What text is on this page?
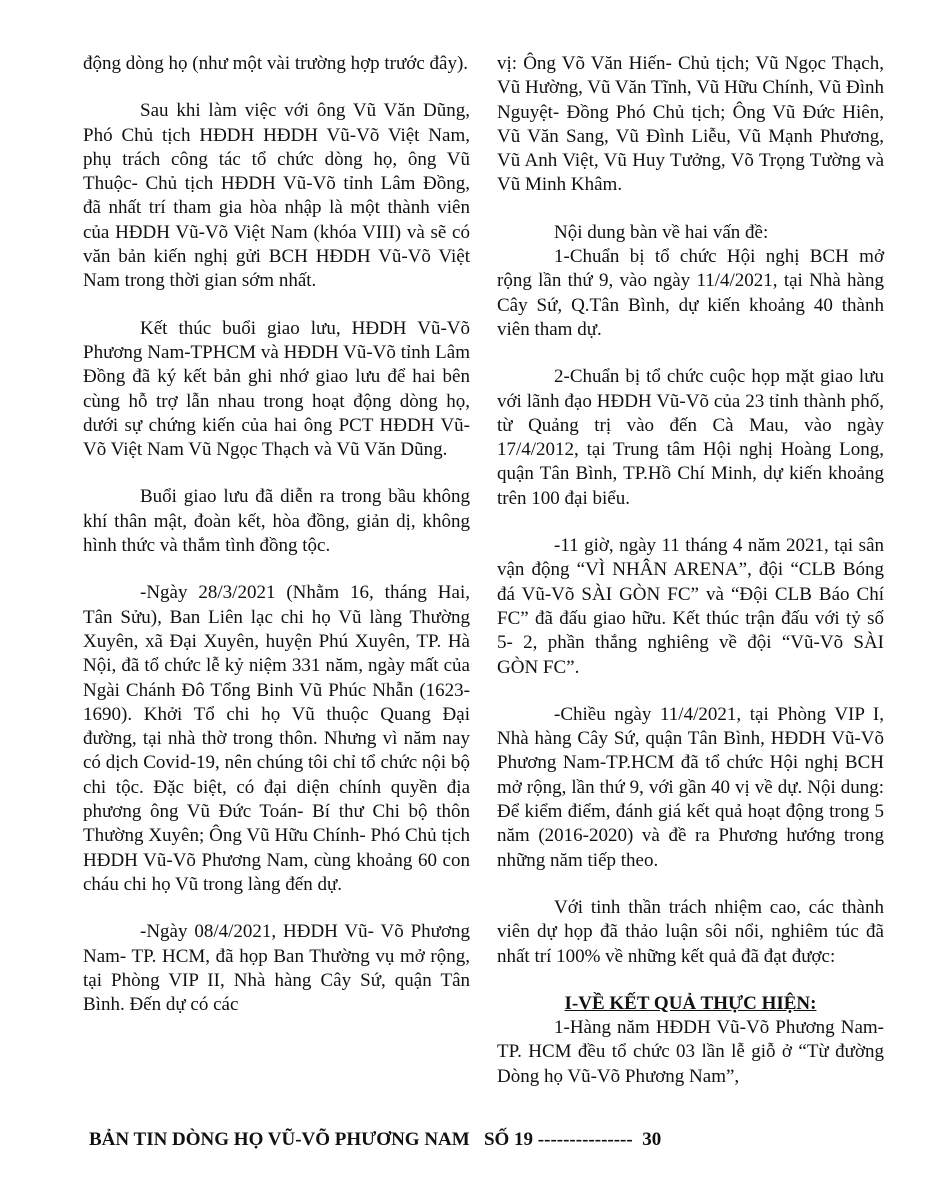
động dòng họ (như một vài trường hợp trước đây).

Sau khi làm việc với ông Vũ Văn Dũng, Phó Chủ tịch HĐDH HĐDH Vũ-Võ Việt Nam, phụ trách công tác tổ chức dòng họ, ông Vũ Thuộc- Chủ tịch HĐDH Vũ-Võ tỉnh Lâm Đồng, đã nhất trí tham gia hòa nhập là một thành viên của HĐDH Vũ-Võ Việt Nam (khóa VIII) và sẽ có văn bản kiến nghị gửi BCH HĐDH Vũ-Võ Việt Nam trong thời gian sớm nhất.

Kết thúc buổi giao lưu, HĐDH Vũ-Võ Phương Nam-TPHCM và HĐDH Vũ-Võ tỉnh Lâm Đồng đã ký kết bản ghi nhớ giao lưu để hai bên cùng hỗ trợ lẫn nhau trong hoạt động dòng họ, dưới sự chứng kiến của hai ông PCT HĐDH Vũ-Võ Việt Nam Vũ Ngọc Thạch và Vũ Văn Dũng.

Buổi giao lưu đã diễn ra trong bầu không khí thân mật, đoàn kết, hòa đồng, giản dị, không hình thức và thắm tình đồng tộc.

-Ngày 28/3/2021 (Nhằm 16, tháng Hai, Tân Sửu), Ban Liên lạc chi họ Vũ làng Thường Xuyên, xã Đại Xuyên, huyện Phú Xuyên, TP. Hà Nội, đã tổ chức lễ kỷ niệm 331 năm, ngày mất của Ngài Chánh Đô Tổng Binh Vũ Phúc Nhẫn (1623- 1690). Khởi Tổ chi họ Vũ thuộc Quang Đại đường, tại nhà thờ trong thôn. Nhưng vì năm nay có dịch Covid-19, nên chúng tôi chỉ tổ chức nội bộ chi tộc. Đặc biệt, có đại diện chính quyền địa phương ông Vũ Đức Toán- Bí thư Chi bộ thôn Thường Xuyên; Ông Vũ Hữu Chính- Phó Chủ tịch HĐDH Vũ-Võ Phương Nam, cùng khoảng 60 con cháu chi họ Vũ trong làng đến dự.

-Ngày 08/4/2021, HĐDH Vũ- Võ Phương Nam- TP. HCM, đã họp Ban Thường vụ mở rộng, tại Phòng VIP II, Nhà hàng Cây Sứ, quận Tân Bình. Đến dự có các

vị: Ông Võ Văn Hiến- Chủ tịch; Vũ Ngọc Thạch, Vũ Hường, Vũ Văn Tĩnh, Vũ Hữu Chính, Vũ Đình Nguyệt- Đồng Phó Chủ tịch; Ông Vũ Đức Hiên, Vũ Văn Sang, Vũ Đình Liễu, Vũ Mạnh Phương, Vũ Anh Việt, Vũ Huy Tưởng, Võ Trọng Tường và Vũ Minh Khâm.

Nội dung bàn về hai vấn đề:

1-Chuẩn bị tổ chức Hội nghị BCH mở rộng lần thứ 9, vào ngày 11/4/2021, tại Nhà hàng Cây Sứ, Q.Tân Bình, dự kiến khoảng 40 thành viên tham dự.

2-Chuẩn bị tổ chức cuộc họp mặt giao lưu với lãnh đạo HĐDH Vũ-Võ của 23 tỉnh thành phố, từ Quảng trị vào đến Cà Mau, vào ngày 17/4/2012, tại Trung tâm Hội nghị Hoàng Long, quận Tân Bình, TP.Hồ Chí Minh, dự kiến khoảng trên 100 đại biểu.

-11 giờ, ngày 11 tháng 4 năm 2021, tại sân vận động “VÌ NHÂN ARENA”, đội “CLB Bóng đá Vũ-Võ SÀI GÒN FC” và “Đội CLB Báo Chí FC” đã đấu giao hữu. Kết thúc trận đấu với tỷ số 5- 2, phần thắng nghiêng về đội “Vũ-Võ SÀI GÒN FC”.

-Chiều ngày 11/4/2021, tại Phòng VIP I, Nhà hàng Cây Sứ, quận Tân Bình, HĐDH Vũ-Võ Phương Nam-TP.HCM đã tổ chức Hội nghị BCH mở rộng, lần thứ 9, với gần 40 vị về dự. Nội dung: Để kiểm điểm, đánh giá kết quả hoạt động trong 5 năm (2016-2020) và đề ra Phương hướng trong những năm tiếp theo.

Với tinh thần trách nhiệm cao, các thành viên dự họp đã thảo luận sôi nổi, nghiêm túc đã nhất trí 100% về những kết quả đã đạt được:

I-VỀ KẾT QUẢ THỰC HIỆN:

1-Hàng năm HĐDH Vũ-Võ Phương Nam- TP. HCM đều tổ chức 03 lần lễ giỗ ở “Từ đường Dòng họ Vũ-Võ Phương Nam”,

BẢN TIN DÒNG HỌ VŨ-VÕ PHƯƠNG NAM   SỐ 19 ---------------  30
